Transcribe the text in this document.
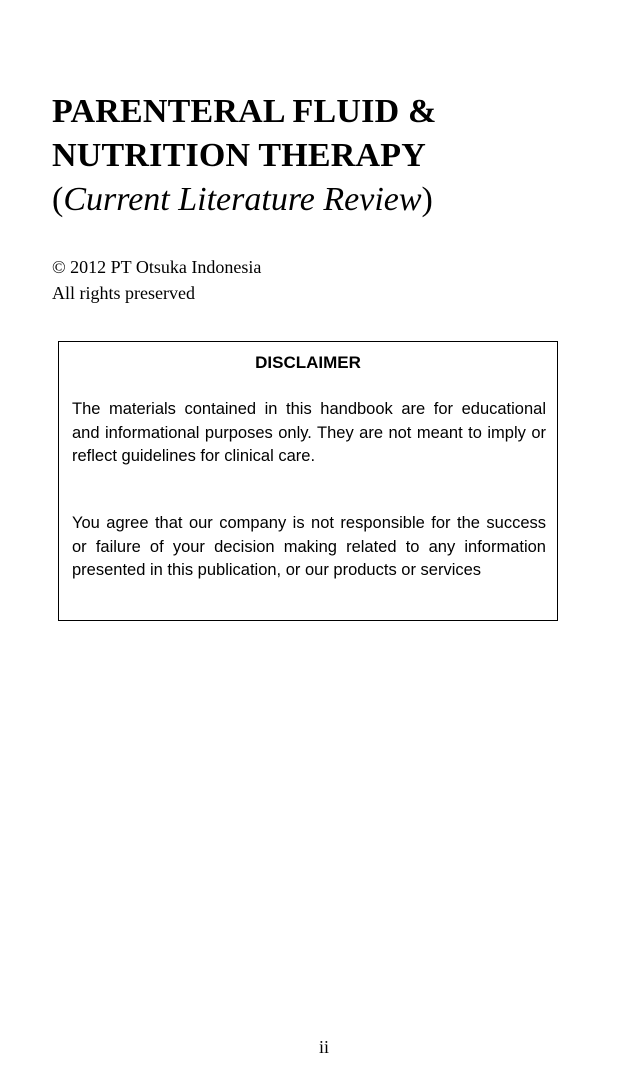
PARENTERAL FLUID &
NUTRITION THERAPY
(Current Literature Review)
© 2012 PT Otsuka Indonesia
All rights preserved
DISCLAIMER

The materials contained in this handbook are for educational and informational purposes only. They are not meant to imply or reflect guidelines for clinical care.

You agree that our company is not responsible for the success or failure of your decision making related to any information presented in this publication, or our products or services

ii
